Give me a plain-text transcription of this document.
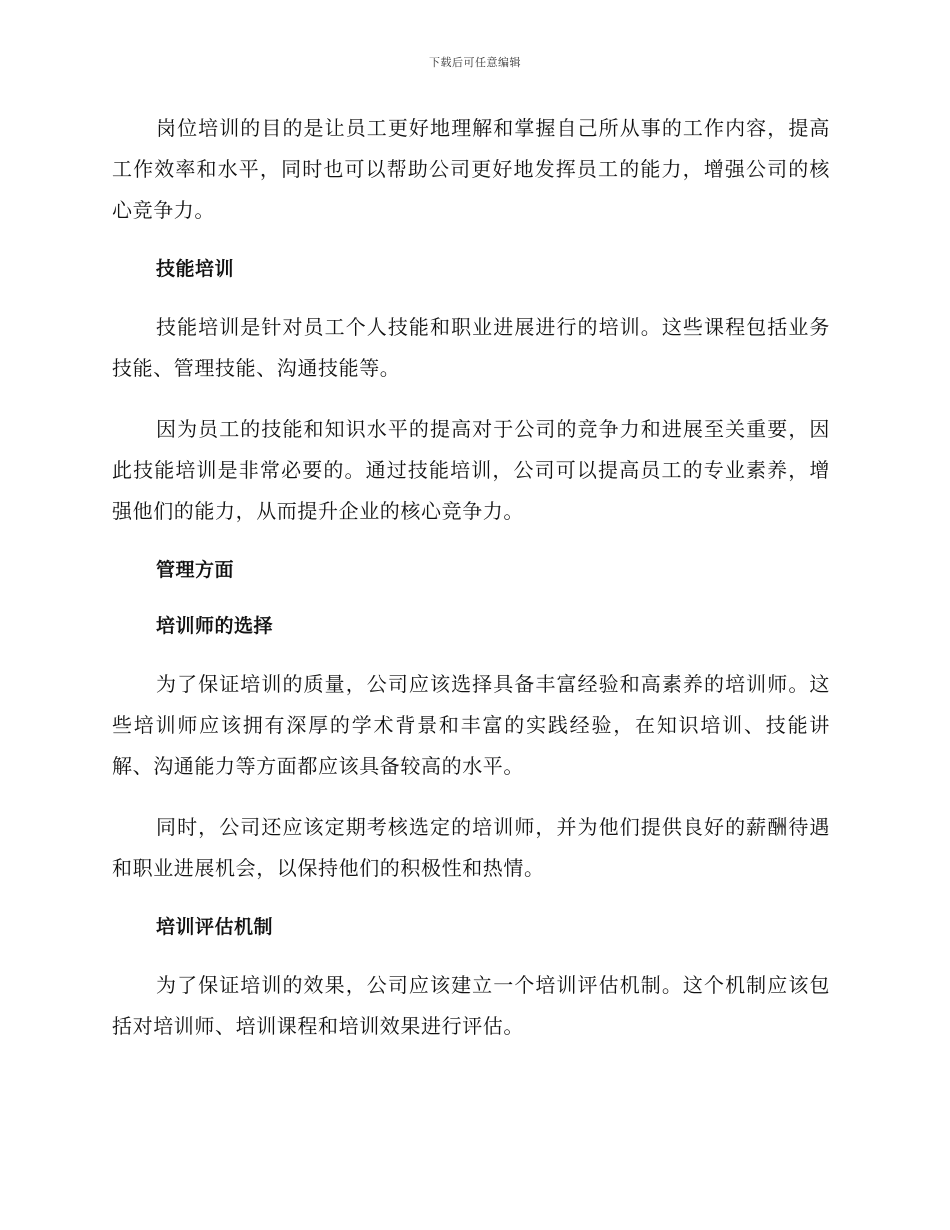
下载后可任意编辑

岗位培训的目的是让员工更好地理解和掌握自己所从事的工作内容，提高工作效率和水平，同时也可以帮助公司更好地发挥员工的能力，增强公司的核心竞争力。

技能培训

技能培训是针对员工个人技能和职业进展进行的培训。这些课程包括业务技能、管理技能、沟通技能等。

因为员工的技能和知识水平的提高对于公司的竞争力和进展至关重要，因此技能培训是非常必要的。通过技能培训，公司可以提高员工的专业素养，增强他们的能力，从而提升企业的核心竞争力。

管理方面
培训师的选择

为了保证培训的质量，公司应该选择具备丰富经验和高素养的培训师。这些培训师应该拥有深厚的学术背景和丰富的实践经验，在知识培训、技能讲解、沟通能力等方面都应该具备较高的水平。

同时，公司还应该定期考核选定的培训师，并为他们提供良好的薪酬待遇和职业进展机会，以保持他们的积极性和热情。

培训评估机制

为了保证培训的效果，公司应该建立一个培训评估机制。这个机制应该包括对培训师、培训课程和培训效果进行评估。
